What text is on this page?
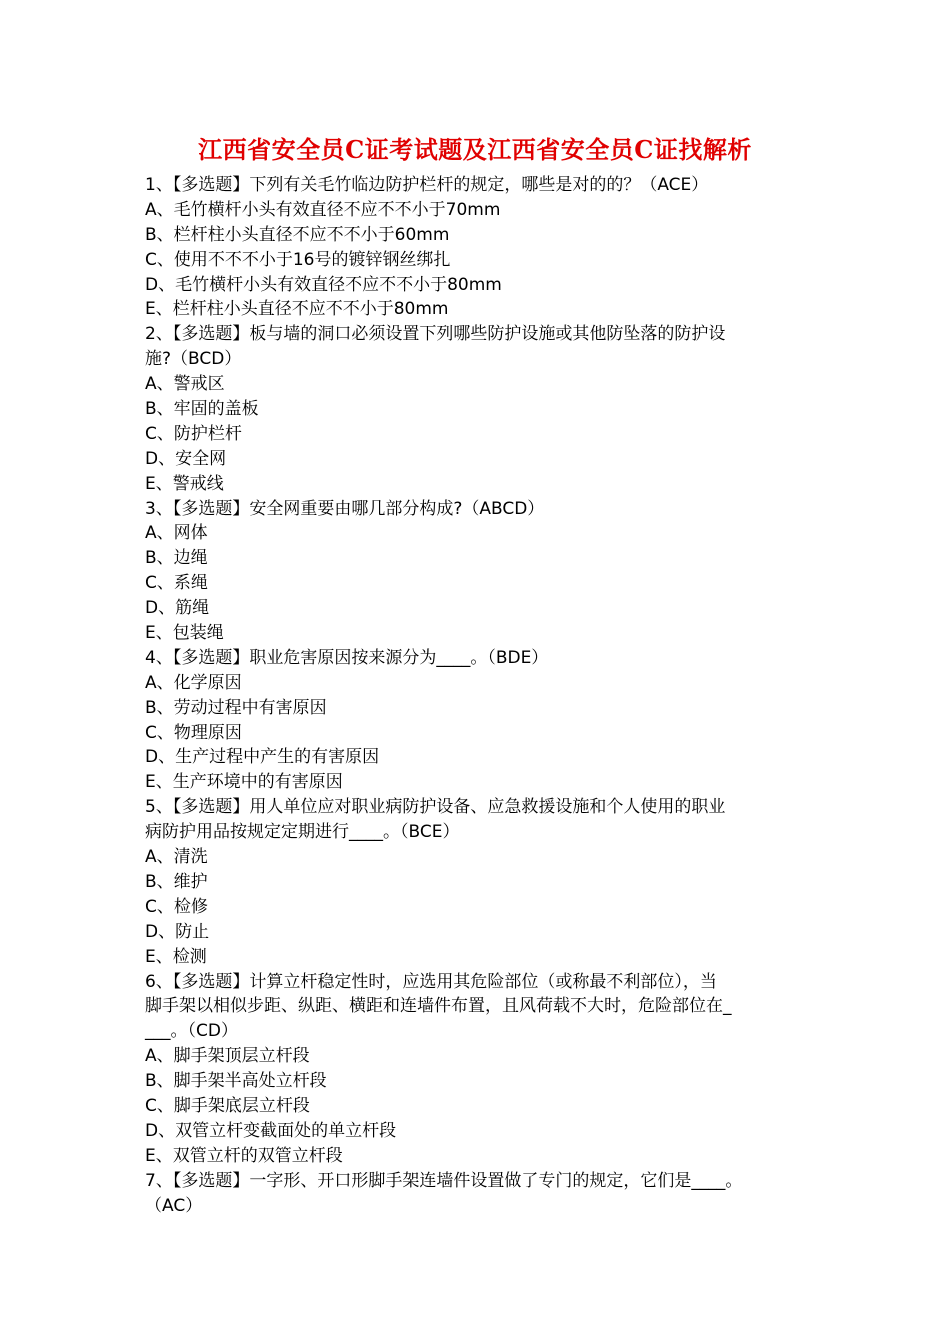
江西省安全员C证考试题及江西省安全员C证找解析
1、【多选题】下列有关毛竹临边防护栏杆的规定，哪些是对的的？（ACE）
A、毛竹横杆小头有效直径不应不不小于70mm
B、栏杆柱小头直径不应不不小于60mm
C、使用不不不小于16号的镀锌钢丝绑扎
D、毛竹横杆小头有效直径不应不不小于80mm
E、栏杆柱小头直径不应不不小于80mm
2、【多选题】板与墙的洞口必须设置下列哪些防护设施或其他防坠落的防护设
施?（BCD）
A、警戒区
B、牢固的盖板
C、防护栏杆
D、安全网
E、警戒线
3、【多选题】安全网重要由哪几部分构成?（ABCD）
A、网体
B、边绳
C、系绳
D、筋绳
E、包装绳
4、【多选题】职业危害原因按来源分为____。（BDE）
A、化学原因
B、劳动过程中有害原因
C、物理原因
D、生产过程中产生的有害原因
E、生产环境中的有害原因
5、【多选题】用人单位应对职业病防护设备、应急救援设施和个人使用的职业
病防护用品按规定定期进行____。（BCE）
A、清洗
B、维护
C、检修
D、防止
E、检测
6、【多选题】计算立杆稳定性时，应选用其危险部位（或称最不利部位），当
脚手架以相似步距、纵距、横距和连墙件布置，且风荷载不大时，危险部位在_
___。（CD）
A、脚手架顶层立杆段
B、脚手架半高处立杆段
C、脚手架底层立杆段
D、双管立杆变截面处的单立杆段
E、双管立杆的双管立杆段
7、【多选题】一字形、开口形脚手架连墙件设置做了专门的规定，它们是____。
（AC）
